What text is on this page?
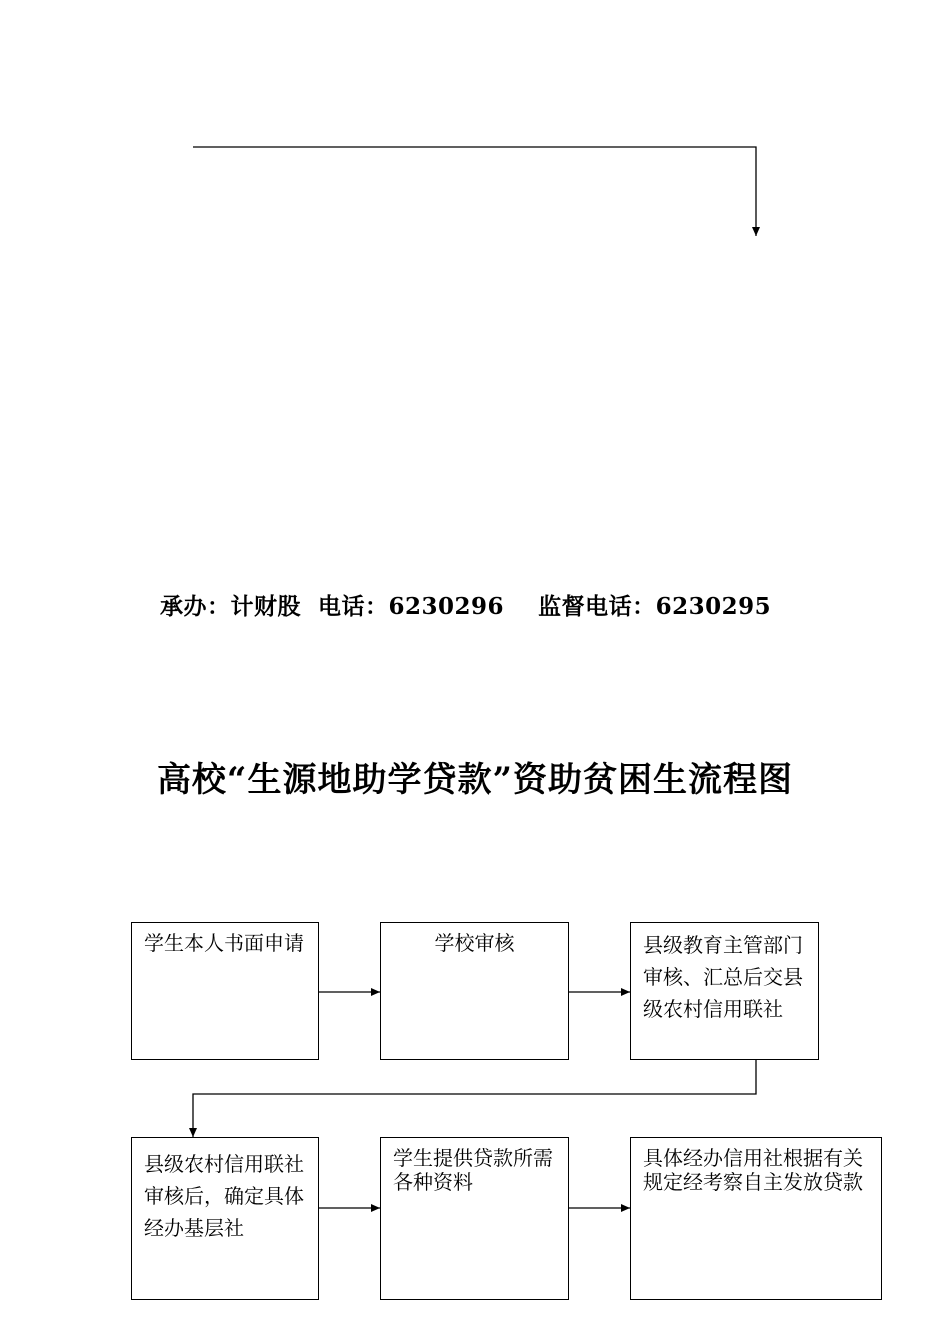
承办：计财股  电话：6230296    监督电话：6230295
高校“生源地助学贷款”资助贫困生流程图
学生本人书面申请	学校审核	县级教育主管部门审核、汇总后交县级农村信用联社
县级农村信用联社审核后，确定具体经办基层社
学生提供贷款所需各种资料
具体经办信用社根据有关规定经考察自主发放贷款
